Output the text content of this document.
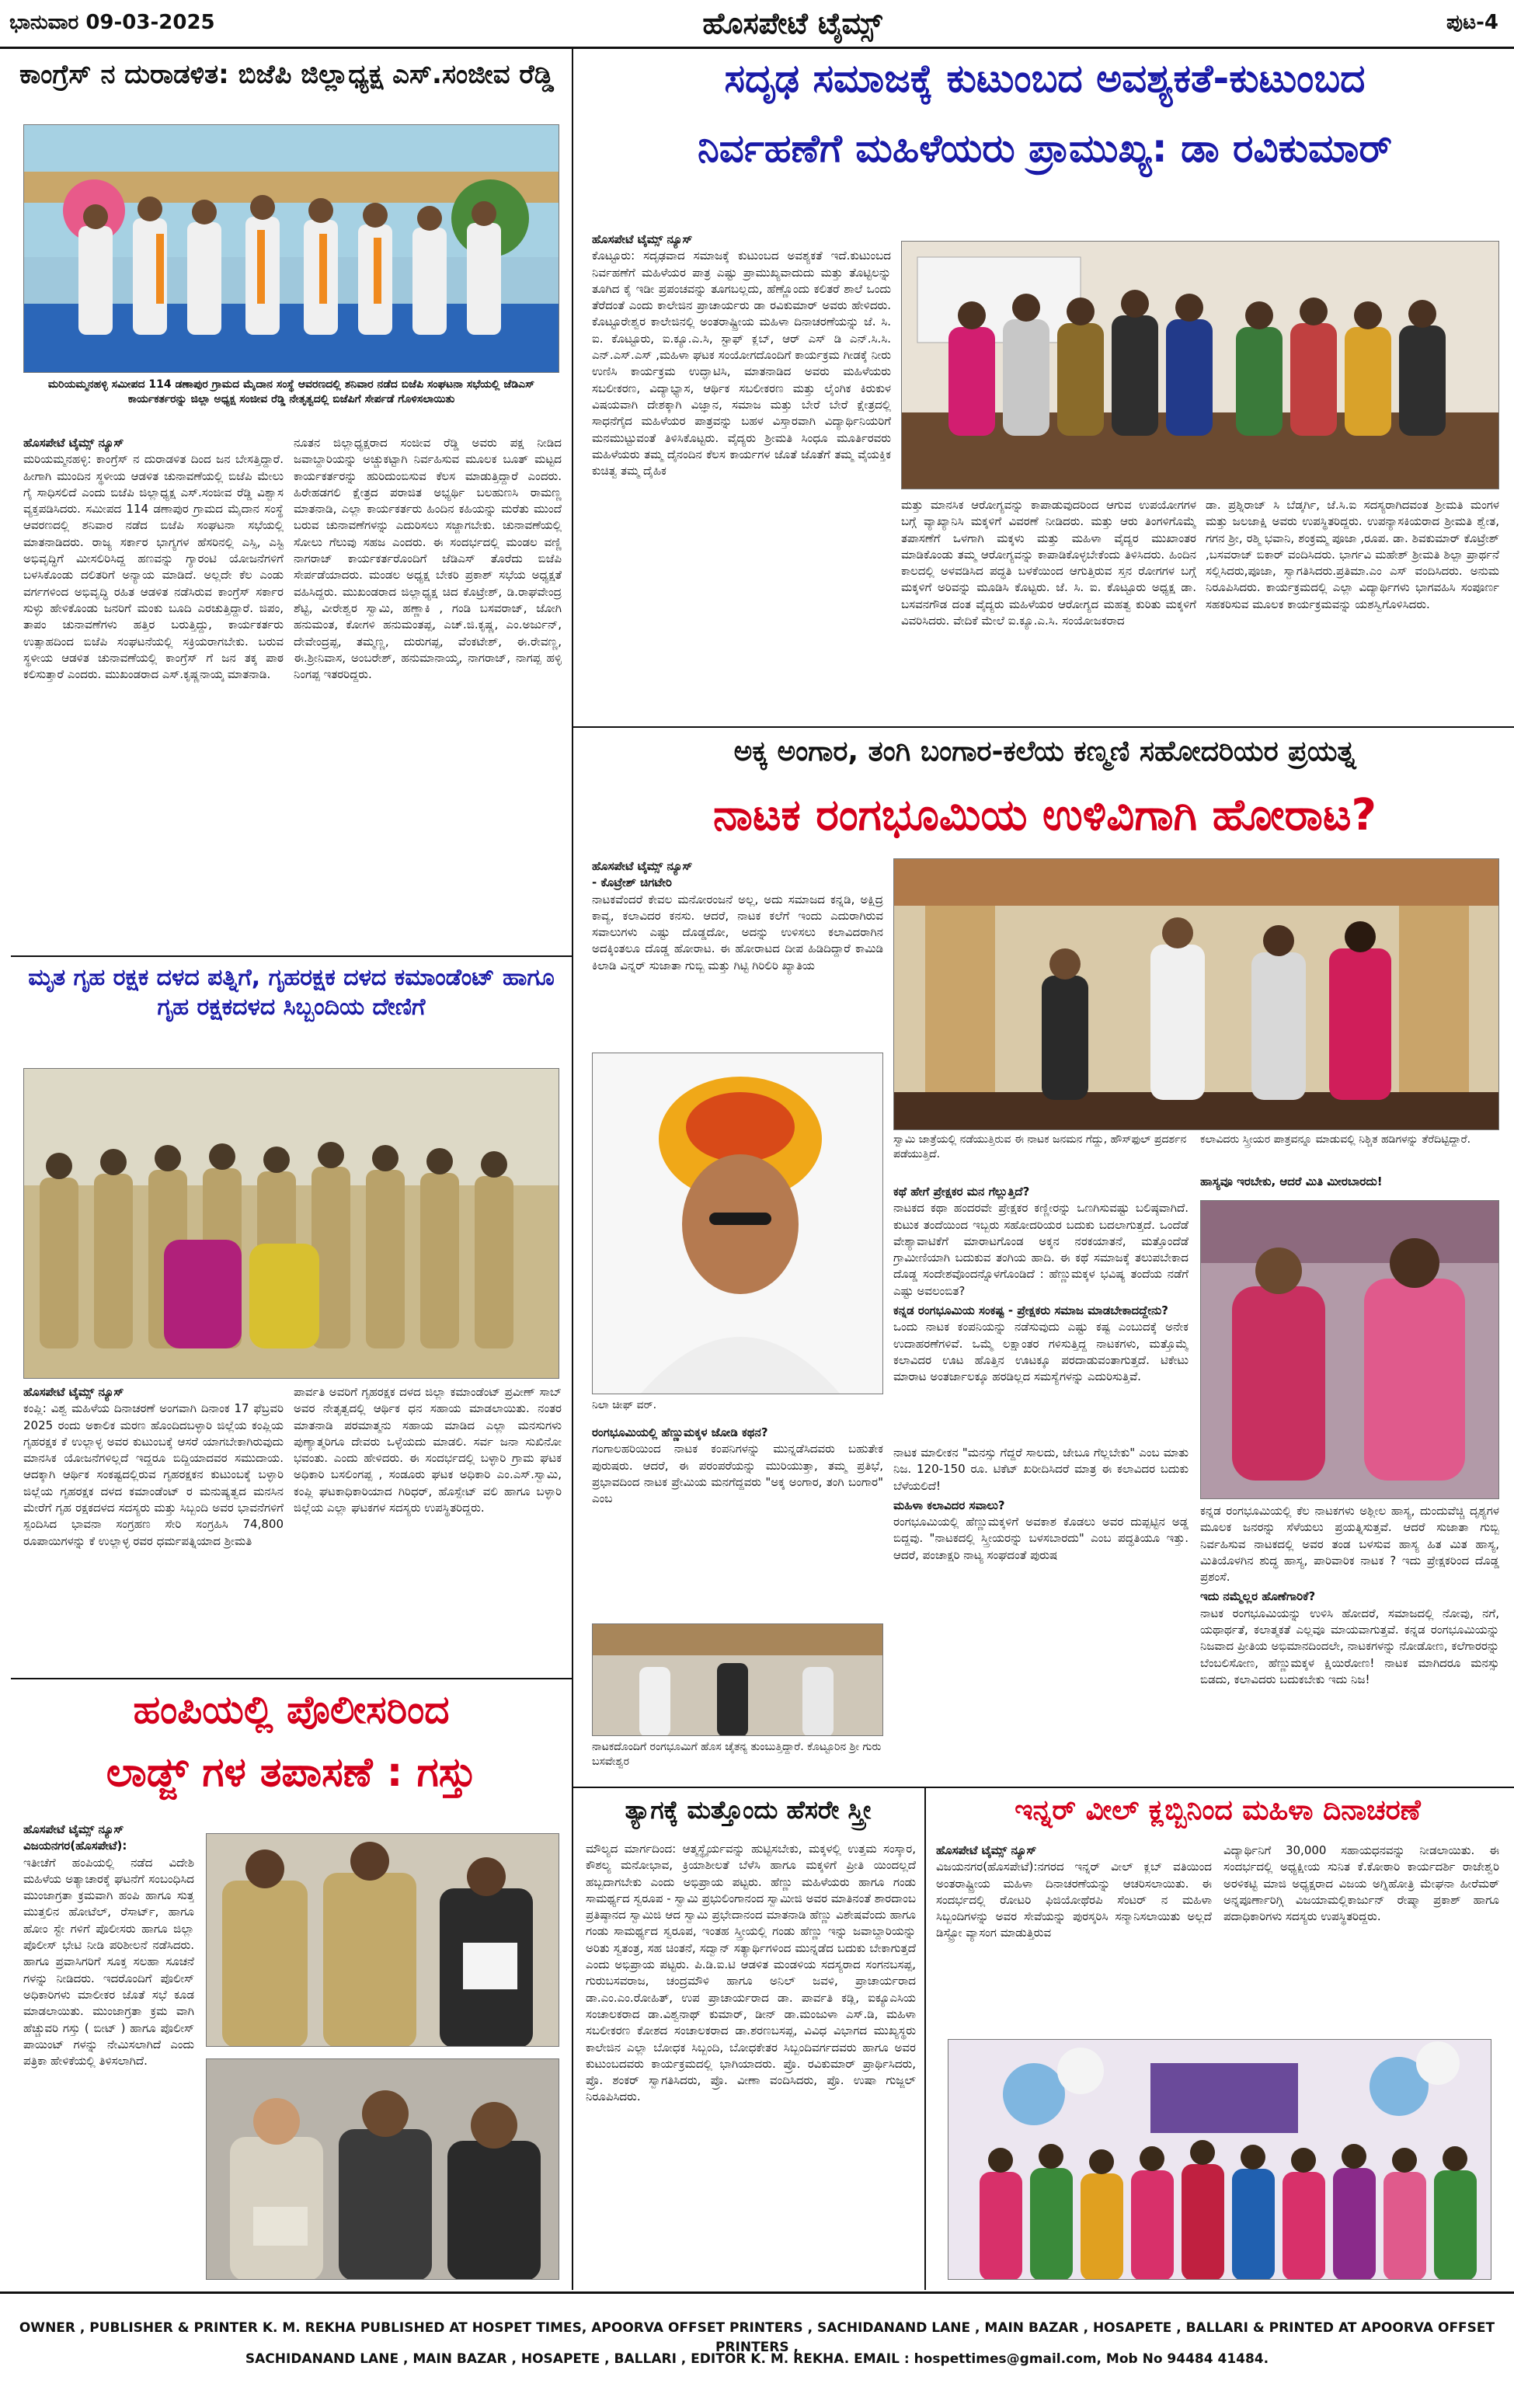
ಭಾನುವಾರ 09-03-2025	ಹೊಸಪೇಟೆ ಟೈಮ್ಸ್	ಪುಟ-4
ಕಾಂಗ್ರೆಸ್ ನ ದುರಾಡಳಿತ: ಬಿಜೆಪಿ ಜಿಲ್ಲಾಧ್ಯಕ್ಷ ಎಸ್.ಸಂಜೀವ ರೆಡ್ಡಿ
ಮರಿಯಮ್ಮನಹಳ್ಳಿ ಸಮೀಪದ 114 ಡಣಾಪುರ ಗ್ರಾಮದ ಮೈದಾನ ಸಂಸ್ಥೆ ಆವರಣದಲ್ಲಿ ಶನಿವಾರ ನಡೆದ ಬಿಜೆಪಿ ಸಂಘಟನಾ ಸಭೆಯಲ್ಲಿ ಜೆಡಿಎಸ್ ಕಾರ್ಯಕರ್ತರನ್ನು ಜಿಲ್ಲಾ ಅಧ್ಯಕ್ಷ ಸಂಜೀವ ರೆಡ್ಡಿ ನೇತೃತ್ವದಲ್ಲಿ ಬಿಜೆಪಿಗೆ ಸೇರ್ಪಡೆ ಗೊಳಿಸಲಾಯಿತು
ಹೊಸಪೇಟೆ ಟೈಮ್ಸ್ ನ್ಯೂಸ್
ಮರಿಯಮ್ಮನಹಳ್ಳಿ: ಕಾಂಗ್ರೆಸ್ ನ ದುರಾಡಳಿತ ದಿಂದ ಜನ ಬೇಸತ್ತಿದ್ದಾರೆ. ಹೀಗಾಗಿ ಮುಂದಿನ ಸ್ಥಳೀಯ ಆಡಳಿತ ಚುನಾವಣೆಯಲ್ಲಿ ಬಿಜೆಪಿ ಮೇಲು ಗೈ ಸಾಧಿಸಲಿದೆ ಎಂದು ಬಿಜೆಪಿ ಜಿಲ್ಲಾಧ್ಯಕ್ಷ ಎಸ್.ಸಂಜೀವ ರೆಡ್ಡಿ ವಿಶ್ವಾಸ ವ್ಯಕ್ತಪಡಿಸಿದರು. ಸಮೀಪದ 114 ಡಣಾಪುರ ಗ್ರಾಮದ ಮೈದಾನ ಸಂಸ್ಥೆ ಆವರಣದಲ್ಲಿ ಶನಿವಾರ ನಡೆದ ಬಿಜೆಪಿ ಸಂಘಟನಾ ಸಭೆಯಲ್ಲಿ ಮಾತನಾಡಿದರು. ರಾಜ್ಯ ಸರ್ಕಾರ ಭಾಗ್ಯಗಳ ಹೆಸರಿನಲ್ಲಿ ಎಸ್ಸಿ, ಎಸ್ಟಿ ಅಭಿವೃದ್ಧಿಗೆ ಮೀಸಲಿರಿಸಿದ್ದ ಹಣವನ್ನು ಗ್ಯಾರಂಟಿ ಯೋಜನೆಗಳಿಗೆ ಬಳಸಿಕೊಂಡು ದಲಿತರಿಗೆ ಅನ್ಯಾಯ ಮಾಡಿದೆ. ಅಲ್ಲದೇ ಕೆಲ ಎಂಡು ವರ್ಗಗಳಿಂದ ಅಭಿವೃದ್ಧಿ ರಹಿತ ಆಡಳಿತ ನಡೆಸಿರುವ ಕಾಂಗ್ರೆಸ್ ಸರ್ಕಾರ ಸುಳ್ಳು ಹೇಳಿಕೊಂಡು ಜನರಿಗೆ ಮಂಕು ಬೂದಿ ಎರಚುತ್ತಿದ್ದಾರೆ. ಜಿಪಂ, ತಾಪಂ ಚುನಾವಣೆಗಳು ಹತ್ತಿರ ಬರುತ್ತಿದ್ದು, ಕಾರ್ಯಕರ್ತರು ಉತ್ಸಾಹದಿಂದ ಬಿಜೆಪಿ ಸಂಘಟನೆಯಲ್ಲಿ ಸಕ್ರಿಯರಾಗಬೇಕು. ಬರುವ ಸ್ಥಳೀಯ ಆಡಳಿತ ಚುನಾವಣೆಯಲ್ಲಿ ಕಾಂಗ್ರೆಸ್ ಗೆ ಜನ ತಕ್ಕ ಪಾಠ ಕಲಿಸುತ್ತಾರೆ ಎಂದರು. ಮುಖಂಡರಾದ ಎಸ್.ಕೃಷ್ಣನಾಯ್ಕ ಮಾತನಾಡಿ.
ನೂತನ ಜಿಲ್ಲಾಧ್ಯಕ್ಷರಾದ ಸಂಜೀವ ರೆಡ್ಡಿ ಅವರು ಪಕ್ಷ ನೀಡಿದ ಜವಾಬ್ದಾರಿಯನ್ನು ಅಚ್ಚುಕಟ್ಟಾಗಿ ನಿರ್ವಹಿಸುವ ಮೂಲಕ ಬೂತ್ ಮಟ್ಟದ ಕಾರ್ಯಕರ್ತರನ್ನು ಹುರಿದುಂಬಿಸುವ ಕೆಲಸ ಮಾಡುತ್ತಿದ್ದಾರೆ ಎಂದರು. ಹಿರೇಹಡಗಲಿ ಕ್ಷೇತ್ರದ ಪರಾಜಿತ ಅಭ್ಯರ್ಥಿ ಬಲಹುಣಸಿ ರಾಮಣ್ಣ ಮಾತನಾಡಿ, ಎಲ್ಲಾ ಕಾರ್ಯಕರ್ತರು ಹಿಂದಿನ ಕಹಿಯನ್ನು ಮರೆತು ಮುಂದೆ ಬರುವ ಚುನಾವಣೆಗಳನ್ನು ಎದುರಿಸಲು ಸಜ್ಜಾಗಬೇಕು. ಚುನಾವಣೆಯಲ್ಲಿ ಸೋಲು ಗೆಲುವು ಸಹಜ ಎಂದರು. ಈ ಸಂದರ್ಭದಲ್ಲಿ ಮಂಡಲ ವಣ್ಣಿ ನಾಗರಾಜ್ ಕಾರ್ಯಕರ್ತರೊಂದಿಗೆ ಜೆಡಿಎಸ್ ತೊರೆದು ಬಿಜೆಪಿ ಸೇರ್ಪಡೆಯಾದರು. ಮಂಡಲ ಅಧ್ಯಕ್ಷ ಬೇಕರಿ ಪ್ರಕಾಶ್ ಸಭೆಯ ಅಧ್ಯಕ್ಷತೆ ವಹಿಸಿದ್ದರು. ಮುಖಂಡರಾದ ಜಿಲ್ಲಾಧ್ಯಕ್ಷ ಚಿದ ಕೊಟ್ರೇಶ್, ಡಿ.ರಾಘವೇಂದ್ರ ಶೆಟ್ಟಿ, ವೀರೇಶ್ವರ ಸ್ವಾಮಿ, ಹಣ್ಣಾಕಿ , ಗಂಡಿ ಬಸವರಾಜ್, ಜೋಗಿ ಹನುಮಂತ, ಕೋಗಳಿ ಹನುಮಂತಪ್ಪ, ಎಚ್.ಜಿ.ಕೃಷ್ಣ, ಎಂ.ಅರ್ಜುನ್, ದೇವೇಂದ್ರಪ್ಪ, ತಮ್ಮಣ್ಣ, ದುರುಗಪ್ಪ, ವೆಂಕಟೇಶ್, ಈ.ರೇವಣ್ಣ, ಈ.ಶ್ರೀನಿವಾಸ, ಅಂಬರೇಶ್, ಹನುಮಾನಾಯ್ಕ, ನಾಗರಾಜ್, ನಾಗಪ್ಪ ಹಳ್ಳಿ ನಿಂಗಪ್ಪ ಇತರರಿದ್ದರು.
ಮೃತ ಗೃಹ ರಕ್ಷಕ ದಳದ ಪತ್ನಿಗೆ, ಗೃಹರಕ್ಷಕ ದಳದ ಕಮಾಂಡೆಂಟ್ ಹಾಗೂ ಗೃಹ ರಕ್ಷಕದಳದ ಸಿಬ್ಬಂದಿಯ ದೇಣಿಗೆ
ಹೊಸಪೇಟೆ ಟೈಮ್ಸ್ ನ್ಯೂಸ್
ಕಂಪ್ಲಿ: ವಿಶ್ವ ಮಹಿಳೆಯ ದಿನಾಚರಣೆ ಅಂಗವಾಗಿ ದಿನಾಂಕ 17 ಫೆಬ್ರವರಿ 2025 ರಂದು ಅಕಾಲಿಕ ಮರಣ ಹೊಂದಿದಬಳ್ಳಾರಿ ಜಿಲ್ಲೆಯ ಕಂಪ್ಲಿಯ ಗೃಹರಕ್ಷಕ ಕೆ ಉಲ್ಲಾಳ್ಳ ಅವರ ಕುಟುಂಬಕ್ಕೆ ಆಸರೆ ಯಾಗಬೇಕಾಗಿರುವುದು ಮಾನಸಿಕ ಯೋಜನೆಗಳಿಲ್ಲದೆ ಇದ್ದರೂ ಬಿದ್ದಿಯಾದವರ ಸಮುದಾಯ. ಆದಕ್ಕಾಗಿ ಆರ್ಥಿಕ ಸಂಕಷ್ಟದಲ್ಲಿರುವ ಗೃಹರಕ್ಷಕನ ಕುಟುಂಬಕ್ಕೆ ಬಳ್ಳಾರಿ ಜಿಲ್ಲೆಯ ಗೃಹರಕ್ಷಕ ದಳದ ಕಮಾಂಡೆಂಟ್ ರ ಮನುಷ್ಯತ್ವದ ಮನಸಿನ ಮೇರೆಗೆ ಗೃಹ ರಕ್ಷಕದಳದ ಸದಸ್ಯರು ಮತ್ತು ಸಿಬ್ಬಂದಿ ಅವರ ಭಾವನೆಗಳಿಗೆ ಸ್ಪಂದಿಸಿದ ಭಾವನಾ ಸಂಗ್ರಹಣ ಸೇರಿ ಸಂಗ್ರಹಿಸಿ 74,800 ರೂಪಾಯಿಗಳನ್ನು ಕೆ ಉಲ್ಲಾಳ್ಳ ರವರ ಧರ್ಮಪತ್ನಿಯಾದ ಶ್ರೀಮತಿ
ಪಾರ್ವತಿ ಅವರಿಗೆ ಗೃಹರಕ್ಷಕ ದಳದ ಜಿಲ್ಲಾ ಕಮಾಂಡೆಂಟ್ ಪ್ರವೀಣ್ ಸಾಬ್ ಅವರ ನೇತೃತ್ವದಲ್ಲಿ ಆರ್ಥಿಕ ಧನ ಸಹಾಯ ಮಾಡಲಾಯಿತು. ನಂತರ ಮಾತನಾಡಿ ಪರಮಾತ್ಮನು ಸಹಾಯ ಮಾಡಿದ ಎಲ್ಲಾ ಮನಸುಗಳು ಪುಣ್ಯಾತ್ಮರಿಗೂ ದೇವರು ಒಳ್ಳೆಯದು ಮಾಡಲಿ. ಸರ್ವ ಜನಾ ಸುಖಿನೋ ಭವಂತು. ಎಂದು ಹೇಳಿದರು. ಈ ಸಂದರ್ಭದಲ್ಲಿ ಬಳ್ಳಾರಿ ಗ್ರಾಮ ಘಟಕ ಅಧಿಕಾರಿ ಬಸಲಿಂಗಪ್ಪ , ಸಂಡೂರು ಘಟಕ ಅಧಿಕಾರಿ ಎಂ.ಎಸ್.ಸ್ವಾಮಿ, ಕಂಪ್ಲಿ ಘಟಕಾಧಿಕಾರಿಯಾದ ಗಿರಿಧರ್, ಹೊಸ್ಪೇಟ್ ವಲಿ ಹಾಗೂ ಬಳ್ಳಾರಿ ಜಿಲ್ಲೆಯ ಎಲ್ಲಾ ಘಟಕಗಳ ಸದಸ್ಯರು ಉಪಸ್ಥಿತರಿದ್ದರು.
ಹಂಪಿಯಲ್ಲಿ ಪೊಲೀಸರಿಂದ
ಲಾಡ್ಜ್ ಗಳ ತಪಾಸಣೆ : ಗಸ್ತು
ಹೊಸಪೇಟೆ ಟೈಮ್ಸ್ ನ್ಯೂಸ್
ವಿಜಯನಗರ(ಹೊಸಪೇಟೆ):
ಇತೀಚೆಗೆ ಹಂಪಿಯಲ್ಲಿ ನಡೆದ ವಿದೇಶಿ ಮಹಿಳೆಯ ಅತ್ಯಾಚಾರಕ್ಕೆ ಘಟನೆಗೆ ಸಂಬಂಧಿಸಿದ ಮುಂಜಾಗ್ರತಾ ಕ್ರಮವಾಗಿ ಹಂಪಿ ಹಾಗೂ ಸುತ್ತ ಮುತ್ತಲಿನ ಹೋಟೆಲ್, ರೆಸಾರ್ಟ್, ಹಾಗೂ ಹೋಂ ಸ್ಟೇ ಗಳಿಗೆ ಪೊಲೀಸರು ಹಾಗೂ ಜಿಲ್ಲಾ ಪೊಲೀಸ್ ಭೇಟಿ ನೀಡಿ ಪರಿಶೀಲನೆ ನಡೆಸಿದರು. ಹಾಗೂ ಪ್ರವಾಸಿಗರಿಗೆ ಸೂಕ್ತ ಸಲಹಾ ಸೂಚನೆ ಗಳನ್ನು ನೀಡಿದರು. ಇದರೊಂದಿಗೆ ಪೊಲೀಸ್ ಅಧಿಕಾರಿಗಳು ಮಾಲೀಕರ ಜೊತೆ ಸಭೆ ಕೂಡ ಮಾಡಲಾಯಿತು. ಮುಂಜಾಗ್ರತಾ ಕ್ರಮ ವಾಗಿ ಹೆಚ್ಚುವರಿ ಗಸ್ತು ( ಬೀಟ್ ) ಹಾಗೂ ಪೊಲೀಸ್ ಪಾಯಿಂಟ್ ಗಳನ್ನು ನೇಮಿಸಲಾಗಿದೆ ಎಂದು ಪತ್ರಿಕಾ ಹೇಳಿಕೆಯಲ್ಲಿ ತಿಳಿಸಲಾಗಿದೆ.
ಸದೃಢ ಸಮಾಜಕ್ಕೆ ಕುಟುಂಬದ ಅವಶ್ಯಕತೆ-ಕುಟುಂಬದ
ನಿರ್ವಹಣೆಗೆ ಮಹಿಳೆಯರು ಪ್ರಾಮುಖ್ಯ: ಡಾ ರವಿಕುಮಾರ್
ಹೊಸಪೇಟೆ ಟೈಮ್ಸ್ ನ್ಯೂಸ್
ಕೊಟ್ಟೂರು: ಸದೃಢವಾದ ಸಮಾಜಕ್ಕೆ ಕುಟುಂಬದ ಅವಶ್ಯಕತೆ ಇದೆ.ಕುಟುಂಬದ ನಿರ್ವಹಣೆಗೆ ಮಹಿಳೆಯರ ಪಾತ್ರ ಎಷ್ಟು ಪ್ರಾಮುಖ್ಯವಾದುದು ಮತ್ತು ತೊಟ್ಟಿಲನ್ನು ತೂಗಿದ ಕೈ ಇಡೀ ಪ್ರಪಂಚವನ್ನು ತೂಗಬಲ್ಲದು, ಹೆಣ್ಣೊಂದು ಕಲಿತರೆ ಶಾಲೆ ಒಂದು ತೆರೆದಂತೆ ಎಂದು ಕಾಲೇಜಿನ ಪ್ರಾಚಾರ್ಯರು ಡಾ ರವಿಕುಮಾರ್ ಅವರು ಹೇಳಿದರು. ಕೊಟ್ಟೂರೇಶ್ವರ ಕಾಲೇಜಿನಲ್ಲಿ ಅಂತರಾಷ್ಟ್ರೀಯ ಮಹಿಳಾ ದಿನಾಚರಣೆಯನ್ನು ಜೆ. ಸಿ. ಐ. ಕೊಟ್ಟೂರು, ಐ.ಕ್ಯೂ.ಎ.ಸಿ, ಸ್ಟಾಫ್ ಕ್ಲಬ್, ಆರ್ ಎಸ್ ಡಿ ಎನ್.ಸಿ.ಸಿ. ಎನ್.ಎಸ್.ಎಸ್ ,ಮಹಿಳಾ ಘಟಕ ಸಂಯೋಗದೊಂದಿಗೆ ಕಾರ್ಯಕ್ರಮ ಗೀಡಕ್ಕೆ ನೀರು ಉಣಿಸಿ ಕಾರ್ಯಕ್ರಮ ಉದ್ಘಾಟಿಸಿ, ಮಾತನಾಡಿದ ಅವರು ಮಹಿಳೆಯರು ಸಬಲೀಕರಣ, ವಿದ್ಯಾಭ್ಯಾಸ, ಆರ್ಥಿಕ ಸಬಲೀಕರಣ ಮತ್ತು ಲೈಂಗಿಕ ಕಿರುಕುಳ ವಿಷಯವಾಗಿ ದೇಶಕ್ಕಾಗಿ ವಿಜ್ಞಾನ, ಸಮಾಜ ಮತ್ತು ಬೇರೆ ಬೇರೆ ಕ್ಷೇತ್ರದಲ್ಲಿ ಸಾಧನೆಗೈದ ಮಹಿಳೆಯರ ಪಾತ್ರವನ್ನು ಬಹಳ ವಿಸ್ತಾರವಾಗಿ ವಿದ್ಯಾರ್ಥಿನಿಯರಿಗೆ ಮನಮುಟ್ಟುವಂತೆ ತಿಳಿಸಿಕೊಟ್ಟರು. ವೈದ್ಯರು ಶ್ರೀಮತಿ ಸಿಂಧೂ ಮೂರ್ತಿರವರು ಮಹಿಳೆಯರು ತಮ್ಮ ದೈನಂದಿನ ಕೆಲಸ ಕಾರ್ಯಗಳ ಜೊತೆ ಜೊತೆಗೆ ತಮ್ಮ ವೈಯಕ್ತಿಕ ಕುಚಿತ್ವ ತಮ್ಮ ದೈಹಿಕ
ಮತ್ತು ಮಾನಸಿಕ ಆರೋಗ್ಯವನ್ನು ಕಾಪಾಡುವುದರಿಂದ ಆಗುವ ಉಪಯೋಗಗಳ ಬಗ್ಗೆ ವ್ಯಾಖ್ಯಾನಿಸಿ ಮಕ್ಕಳಿಗೆ ವಿವರಣೆ ನೀಡಿದರು. ಮತ್ತು ಆರು ತಿಂಗಳಿಗೊಮ್ಮೆ ತಪಾಸಣೆಗೆ ಒಳಗಾಗಿ ಮಕ್ಕಳು ಮತ್ತು ಮಹಿಳಾ ವೈದ್ಯರ ಮುಖಾಂತರ ಮಾಡಿಕೊಂಡು ತಮ್ಮ ಆರೋಗ್ಯವನ್ನು ಕಾಪಾಡಿಕೊಳ್ಳಬೇಕೆಂದು ತಿಳಿಸಿದರು. ಹಿಂದಿನ ಕಾಲದಲ್ಲಿ ಅಳವಡಿಸಿದ ಪದ್ಧತಿ ಬಳಕೆಯಿಂದ ಆಗುತ್ತಿರುವ ಸ್ತನ ರೋಗಗಳ ಬಗ್ಗೆ ಮಕ್ಕಳಿಗೆ ಅರಿವನ್ನು ಮೂಡಿಸಿ ಕೊಟ್ಟರು. ಜೆ. ಸಿ. ಐ. ಕೊಟ್ಟೂರು ಅಧ್ಯಕ್ಷ ಡಾ. ಬಸವನಗೌಡ ದಂತ ವೈದ್ಯರು ಮಹಿಳೆಯರ ಆರೋಗ್ಯದ ಮಹತ್ವ ಕುರಿತು ಮಕ್ಕಳಿಗೆ ವಿವರಿಸಿದರು. ವೇದಿಕೆ ಮೇಲೆ ಐ.ಕ್ಯೂ.ಎ.ಸಿ. ಸಂಯೋಜಕರಾದ
ಡಾ. ಪ್ರಶ್ನಿರಾಜ್ ಸಿ ಬೆಡ್ಕರ್ಗಿ, ಜೆ.ಸಿ.ಐ ಸದಸ್ಯರಾಗಿದವಂತ ಶ್ರೀಮತಿ ಮಂಗಳ ಮತ್ತು ಜಲಜಾಕ್ಷಿ ಅವರು ಉಪಸ್ಥಿತರಿದ್ದರು. ಉಪನ್ಯಾಸಕಿಯರಾದ ಶ್ರೀಮತಿ ಶ್ವೇತ, ಗಗನ ಶ್ರೀ, ರಶ್ಮಿ ಭವಾನಿ, ಶಂಕ್ರಮ್ಮ ಪೂಜಾ ,ರೂಪ. ಡಾ. ಶಿವಕುಮಾರ್ ಕೊಟ್ರೇಶ್ ,ಬಸವರಾಜ್ ಬಿಕಾರ್ ವಂದಿಸಿದರು. ಭಾರ್ಗವಿ ಮಹೇಶ್ ಶ್ರೀಮತಿ ಶಿಲ್ಪಾ ಪ್ರಾರ್ಥನೆ ಸಲ್ಲಿಸಿದರು,ಪೂಜಾ, ಸ್ವಾಗತಿಸಿದರು.ಪ್ರತಿಮಾ.ಎಂ ಎಸ್ ವಂದಿಸಿದರು. ಅನುಮ ನಿರೂಪಿಸಿದರು. ಕಾರ್ಯಕ್ರಮದಲ್ಲಿ ಎಲ್ಲಾ ವಿದ್ಯಾರ್ಥಿಗಳು ಭಾಗವಹಿಸಿ ಸಂಪೂರ್ಣ ಸಹಕರಿಸುವ ಮೂಲಕ ಕಾರ್ಯಕ್ರಮವನ್ನು ಯಶಸ್ವಿಗೊಳಿಸಿದರು.
ಅಕ್ಕ ಅಂಗಾರ, ತಂಗಿ ಬಂಗಾರ-ಕಲೆಯ ಕಣ್ಮಣಿ ಸಹೋದರಿಯರ ಪ್ರಯತ್ನ
ನಾಟಕ ರಂಗಭೂಮಿಯ ಉಳಿವಿಗಾಗಿ ಹೋರಾಟ?
ಹೊಸಪೇಟೆ ಟೈಮ್ಸ್ ನ್ಯೂಸ್
- ಕೊಟ್ರೇಶ್ ಚಿಗಟೇರಿ
ನಾಟಕವೆಂದರೆ ಕೇವಲ ಮನೋರಂಜನೆ ಅಲ್ಲ, ಅದು ಸಮಾಜದ ಕನ್ನಡಿ, ಅಕ್ಷಿದ್ರ ಕಾವ್ಯ, ಕಲಾವಿದರ ಕನಸು. ಆದರೆ, ನಾಟಕ ಕಲೆಗೆ ಇಂದು ಎದುರಾಗಿರುವ ಸವಾಲುಗಳು ಎಷ್ಟು ದೊಡ್ಡದೋ, ಅದನ್ನು ಉಳಿಸಲು ಕಲಾವಿದರಾಗಿನ ಅದಕ್ಕಿಂತಲೂ ದೊಡ್ಡ ಹೋರಾಟ. ಈ ಹೋರಾಟದ ದೀಪ ಹಿಡಿದಿದ್ದಾರೆ ಕಾಮಿಡಿ ಕಿಲಾಡಿ ವಿನ್ನರ್ ಸುಜಾತಾ ಗುಬ್ಬಿ ಮತ್ತು ಗಿಟ್ಟಿ ಗಿರಿಲಿರಿ ಖ್ಯಾತಿಯ
ಸ್ವಾಮಿ ಜಾತ್ರೆಯಲ್ಲಿ ನಡೆಯುತ್ತಿರುವ ಈ ನಾಟಕ ಜನಮನ ಗೆದ್ದು, ಹೌಸ್‌ಫುಲ್ ಪ್ರದರ್ಶನ ಪಡೆಯುತ್ತಿದೆ.
ಕಲಾವಿದರು ಸ್ತ್ರೀಯರ ಪಾತ್ರವನ್ನೂ ಮಾಡುವಲ್ಲಿ ನಿಶ್ಚಿತ ಹಡಿಗಳನ್ನು ತೆರೆದಿಟ್ಟಿದ್ದಾರೆ.
ಹಾಸ್ಯವೂ ಇರಬೇಕು, ಆದರೆ ಮಿತಿ ಮೀರಬಾರದು!
ಕಥೆ ಹೇಗೆ ಪ್ರೇಕ್ಷಕರ ಮನ ಗೆಲ್ಲುತ್ತಿದೆ?
ನಾಟಕದ ಕಥಾ ಹಂದರವೇ ಪ್ರೇಕ್ಷಕರ ಕಣ್ಣೀರನ್ನು ಒಣಗಿಸುವಷ್ಟು ಬಲಿಷ್ಠವಾಗಿದೆ. ಕುಟುಕ ತಂದೆಯಿಂದ ಇಬ್ಬರು ಸಹೋದರಿಯರ ಬದುಕು ಬದಲಾಗುತ್ತದೆ. ಒಂದೆಡೆ ವೇಶ್ಯಾವಾಟಿಕೆಗೆ ಮಾರಾಟಗೊಂಡ ಅಕ್ಕನ ನರಕಯಾತನೆ, ಮತ್ತೊಂದೆಡೆ ಗ್ರಾಮೀಣಿಯಾಗಿ ಬದುಕುವ ತಂಗಿಯ ಹಾದಿ. ಈ ಕಥೆ ಸಮಾಜಕ್ಕೆ ತಲುಪಬೇಕಾದ ದೊಡ್ಡ ಸಂದೇಶವೊಂದನ್ನೊಳಗೊಂಡಿದೆ : ಹೆಣ್ಣುಮಕ್ಕಳ ಭವಿಷ್ಯ ತಂದೆಯ ನಡೆಗೆ ಎಷ್ಟು ಅವಲಂಬಿತ?
ಕನ್ನಡ ರಂಗಭೂಮಿಯ ಸಂಕಷ್ಟ - ಪ್ರೇಕ್ಷಕರು ಸಮಾಜ ಮಾಡಬೇಕಾದದ್ದೇನು?
ಒಂದು ನಾಟಕ ಕಂಪನಿಯನ್ನು ನಡೆಸುವುದು ಎಷ್ಟು ಕಷ್ಟ ಎಂಬುದಕ್ಕೆ ಅನೇಕ ಉದಾಹರಣೆಗಳಿವೆ. ಒಮ್ಮೆ ಲಕ್ಷಾಂತರ ಗಳಿಸುತ್ತಿದ್ದ ನಾಟಕಗಳು, ಮತ್ತೊಮ್ಮೆ ಕಲಾವಿದರ ಊಟ ಹೊತ್ತಿನ ಊಟಕ್ಕೂ ಪರದಾಡುವಂತಾಗುತ್ತದೆ. ಟಿಕೇಟು ಮಾರಾಟ ಅಂತರ್ಜಾಲಕ್ಕೂ ಹರಡಿಲ್ಲದ ಸಮಸ್ಯೆಗಳನ್ನು ಎದುರಿಸುತ್ತಿವೆ.
ನಿಲಾ ಚೀಫ್ ವರ್.
ರಂಗಭೂಮಿಯಲ್ಲಿ ಹೆಣ್ಣುಮಕ್ಕಳ ಜೋಡಿ ಕಥನ?
ಗಂಗಾಲಹರಿಯಿಂದ ನಾಟಕ ಕಂಪನಿಗಳನ್ನು ಮುನ್ನಡೆಸಿದವರು ಬಹುತೇಕ ಪುರುಷರು. ಆದರೆ, ಈ ಪರಂಪರೆಯನ್ನು ಮುರಿಯುತ್ತಾ, ತಮ್ಮ ಪ್ರತಿಭೆ, ಪ್ರಭಾವದಿಂದ ನಾಟಕ ಪ್ರೇಮಿಯ ಮನಗೆದ್ದವರು "ಅಕ್ಕ ಅಂಗಾರ, ತಂಗಿ ಬಂಗಾರ" ಎಂಬ
ನಾಟಕದೊಂದಿಗೆ ರಂಗಭೂಮಿಗೆ ಹೊಸ ಚೈತನ್ಯ ತುಂಬುತ್ತಿದ್ದಾರೆ. ಕೊಟ್ಟೂರಿನ ಶ್ರೀ ಗುರು ಬಸವೇಶ್ವರ
ನಾಟಕ ಮಾಲೀಕನ "ಮನಸ್ಸು ಗೆದ್ದರೆ ಸಾಲದು, ಜೇಬೂ ಗೆಲ್ಲಬೇಕು" ಎಂಬ ಮಾತು ನಿಜ. 120-150 ರೂ. ಟಿಕೆಟ್ ಖರೀದಿಸಿದರೆ ಮಾತ್ರ ಈ ಕಲಾವಿದರ ಬದುಕು ಬೆಳೆಯಲಿದೆ!
ಮಹಿಳಾ ಕಲಾವಿದರ ಸವಾಲು?
ರಂಗಭೂಮಿಯಲ್ಲಿ ಹೆಣ್ಣುಮಕ್ಕಳಿಗೆ ಅವಕಾಶ ಕೊಡಲು ಅವರ ದುಪ್ಪಟ್ಟಿನ ಅಡ್ಡ ಬಿದ್ದವು. "ನಾಟಕದಲ್ಲಿ ಸ್ತ್ರೀಯರನ್ನು ಬಳಸಬಾರದು" ಎಂಬ ಪದ್ಧತಿಯೂ ಇತ್ತು. ಆದರೆ, ಪಂಚಾಕ್ಷರಿ ನಾಟ್ಯ ಸಂಘದಂತೆ ಪುರುಷ
ಕನ್ನಡ ರಂಗಭೂಮಿಯಲ್ಲಿ ಕೆಲ ನಾಟಕಗಳು ಅಶ್ಲೀಲ ಹಾಸ್ಯ, ದುಂದುವೆಚ್ಚಿ ದೃಶ್ಯಗಳ ಮೂಲಕ ಜನರನ್ನು ಸೆಳೆಯಲು ಪ್ರಯತ್ನಿಸುತ್ತವೆ. ಆದರೆ ಸುಜಾತಾ ಗುಬ್ಬಿ ನಿರ್ವಹಿಸುವ ನಾಟಕದಲ್ಲಿ ಅವರ ತಂಡ ಬಳಸುವ ಹಾಸ್ಯ ಹಿತ ಮಿತ ಹಾಸ್ಯ, ಮಿತಿಯೊಳಗಿನ ಶುದ್ಧ ಹಾಸ್ಯ, ಪಾರಿವಾರಿಕ ನಾಟಕ ? ಇದು ಪ್ರೇಕ್ಷಕರಿಂದ ದೊಡ್ಡ ಪ್ರಶಂಸೆ.
ಇದು ನಮ್ಮೆಲ್ಲರ ಹೊಣೆಗಾರಿಕೆ?
ನಾಟಕ ರಂಗಭೂಮಿಯನ್ನು ಉಳಿಸಿ ಹೋದರೆ, ಸಮಾಜದಲ್ಲಿ ನೋವು, ನಗೆ, ಯಥಾರ್ಥತೆ, ಕಲಾತ್ಮಕತೆ ಎಲ್ಲವೂ ಮಾಯವಾಗುತ್ತವೆ. ಕನ್ನಡ ರಂಗಭೂಮಿಯನ್ನು ನಿಜವಾದ ಪ್ರೀತಿಯ ಅಭಿಮಾನದಿಂದಲೇ, ನಾಟಕಗಳನ್ನು ನೋಡೋಣ, ಕಲೆಗಾರರನ್ನು ಬೆಂಬಲಿಸೋಣ, ಹೆಣ್ಣುಮಕ್ಕಳ ಕ್ಷಿಯಿರೋಣ! ನಾಟಕ ಮಾಗಿದರೂ ಮನಸ್ಸು ಬಿಡದು, ಕಲಾವಿದರು ಬದುಕಬೇಕು ಇದು ನಿಜ!
ತ್ಯಾಗಕ್ಕೆ ಮತ್ತೊಂದು ಹೆಸರೇ ಸ್ತ್ರೀ
ಮೌಲ್ಯದ ಮಾರ್ಗದಿಂದ: ಆತ್ಮಸ್ಥೈರ್ಯವನ್ನು ಹುಟ್ಟಿಸಬೇಕು, ಮಕ್ಕಳಲ್ಲಿ ಉತ್ತಮ ಸಂಸ್ಕಾರ, ಕೌಶಲ್ಯ ಮನೋಭಾವ, ಕ್ರಿಯಾಶೀಲತೆ ಬೆಳೆಸಿ ಹಾಗೂ ಮಕ್ಕಳಿಗೆ ಪ್ರೀತಿ ಯಿಂದಲ್ಲದೆ ಹಬ್ಬದಾಗಬೇಕು ಎಂದು ಅಭಿಪ್ರಾಯ ಪಟ್ಟರು. ಹೆಣ್ಣು ಮಹಿಳೆಯರು ಹಾಗೂ ಗಂಡು ಸಾಮರ್ಥ್ಯದ ಸ್ವರೂಪ - ಸ್ವಾಮಿ ಪ್ರಭುಲಿಂಗಾನಂದ ಸ್ವಾಮೀಜಿ ಅವರ ಮಾತಿನಂತೆ ಶಾರದಾಂಬ ಪ್ರತಿಷ್ಠಾನದ ಸ್ವಾಮಿಜಿ ಆದ ಸ್ವಾಮಿ ಪ್ರಭೇದಾನಂದ ಮಾತನಾಡಿ ಹೆಣ್ಣು ವಿಶೇಷವೆಂದು ಹಾಗೂ ಗಂಡು ಸಾಮರ್ಥ್ಯದ ಸ್ವರೂಪ, ಇಂತಹ ಸ್ತ್ರೀಯಲ್ಲಿ ಗಂಡು ಹೆಣ್ಣು ಇನ್ನು ಜವಾಬ್ದಾರಿಯನ್ನು ಅರಿತು ಸ್ವತಂತ್ರ, ಸಹ ಚಿಂತನೆ, ಸದ್ವಾನ್ ಸತ್ಯಾರ್ಥಿಗಳಿಂದ ಮುನ್ನಡೆದ ಬದುಕು ಬೇಕಾಗುತ್ತದೆ ಎಂದು ಅಭಿಪ್ರಾಯ ಪಟ್ಟರು. ಪಿ.ಡಿ.ಐ.ಟಿ ಆಡಳಿತ ಮಂಡಳಿಯ ಸದಸ್ಯರಾದ ಸಂಗನಬಸಪ್ಪ, ಗುರುಬಸವರಾಜ, ಚಂದ್ರಮೌಳಿ ಹಾಗೂ ಅನಿಲ್ ಜವಳಿ, ಪ್ರಾಚಾರ್ಯರಾದ ಡಾ.ಎಂ.ಎಂ.ರೋಹಿತ್, ಉಪ ಪ್ರಾಚಾರ್ಯರಾದ ಡಾ. ಪಾರ್ವತಿ ಕಡ್ಲಿ, ಐಕ್ಯೂಎಸಿಯ ಸಂಚಾಲಕರಾದ ಡಾ.ವಿಶ್ವನಾಥ್ ಕುಮಾರ್, ಡೀನ್ ಡಾ.ಮಂಜುಳಾ ಎಸ್.ಡಿ, ಮಹಿಳಾ ಸಬಲೀಕರಣ ಕೋಶದ ಸಂಚಾಲಕರಾದ ಡಾ.ಶರಣಬಸಪ್ಪ, ವಿವಿಧ ವಿಭಾಗದ ಮುಖ್ಯಸ್ಥರು ಕಾಲೇಜಿನ ಎಲ್ಲಾ ಬೋಧಕ ಸಿಬ್ಬಂದಿ, ಬೋಧಕೇತರ ಸಿಬ್ಬಂದಿವರ್ಗದವರು ಹಾಗೂ ಅವರ ಕುಟುಂಬದವರು ಕಾರ್ಯಕ್ರಮದಲ್ಲಿ ಭಾಗಿಯಾದರು. ಪ್ರೊ. ರವಿಕುಮಾರ್ ಪ್ರಾರ್ಥಿಸಿದರು, ಪ್ರೊ. ಶಂಕರ್ ಸ್ವಾಗತಿಸಿದರು, ಪ್ರೊ. ವೀಣಾ ವಂದಿಸಿದರು, ಪ್ರೊ. ಉಷಾ ಗುಜ್ಜಲ್ ನಿರೂಪಿಸಿದರು.
ಇನ್ನರ್ ವೀಲ್ ಕ್ಲಬ್ಬಿನಿಂದ ಮಹಿಳಾ ದಿನಾಚರಣೆ
ಹೊಸಪೇಟೆ ಟೈಮ್ಸ್ ನ್ಯೂಸ್
ವಿಜಯನಗರ(ಹೊಸಪೇಟೆ):ನಗರದ ಇನ್ನರ್ ವೀಲ್ ಕ್ಲಬ್ ವತಿಯಿಂದ ಅಂತರಾಷ್ಟ್ರೀಯ ಮಹಿಳಾ ದಿನಾಚರಣೆಯನ್ನು ಆಚರಿಸಲಾಯಿತು. ಈ ಸಂದರ್ಭದಲ್ಲಿ ರೋಟರಿ ಫಿಜಿಯೋಥೆರಪಿ ಸೆಂಟರ್ ನ ಮಹಿಳಾ ಸಿಬ್ಬಂದಿಗಳನ್ನು ಅವರ ಸೇವೆಯನ್ನು ಪುರಸ್ಕರಿಸಿ ಸನ್ಮಾನಿಸಲಾಯಿತು ಅಲ್ಲದೆ ಡಿಸ್ಟ್ರೋ ವ್ಯಾಸಂಗ ಮಾಡುತ್ತಿರುವ
ವಿದ್ಯಾರ್ಥಿನಿಗೆ 30,000 ಸಹಾಯಧನವನ್ನು ನೀಡಲಾಯಿತು. ಈ ಸಂದರ್ಭದಲ್ಲಿ ಅಧ್ಯಕ್ಷೀಯ ಸುನಿತ ಕೆ.ಕೋಠಾರಿ ಕಾರ್ಯದರ್ಶಿ ರಾಜೇಶ್ವರಿ ಅರಳಿಕಟ್ಟಿ ಮಾಜಿ ಅಧ್ಯಕ್ಷರಾದ ವಿಜಯ ಅಗ್ನಿಹೋತ್ರಿ ಮೇಘನಾ ಹೀರೆಮಠ್ ಅನ್ನಪೂರ್ಣಾರಿಗ್ಗಿ ವಿಜಯಾಮಲ್ಲಿಕಾರ್ಜುನ್ ರೇಷ್ಮಾ ಪ್ರಕಾಶ್ ಹಾಗೂ ಪದಾಧಿಕಾರಿಗಳು ಸದಸ್ಯರು ಉಪಸ್ಥಿತರಿದ್ದರು.
OWNER , PUBLISHER & PRINTER K. M. REKHA PUBLISHED AT HOSPET TIMES, APOORVA OFFSET PRINTERS , SACHIDANAND LANE , MAIN BAZAR , HOSAPETE , BALLARI & PRINTED AT APOORVA OFFSET PRINTERS ,
SACHIDANAND LANE , MAIN BAZAR , HOSAPETE , BALLARI , EDITOR K. M. REKHA. EMAIL : hospettimes@gmail.com, Mob No 94484 41484.
